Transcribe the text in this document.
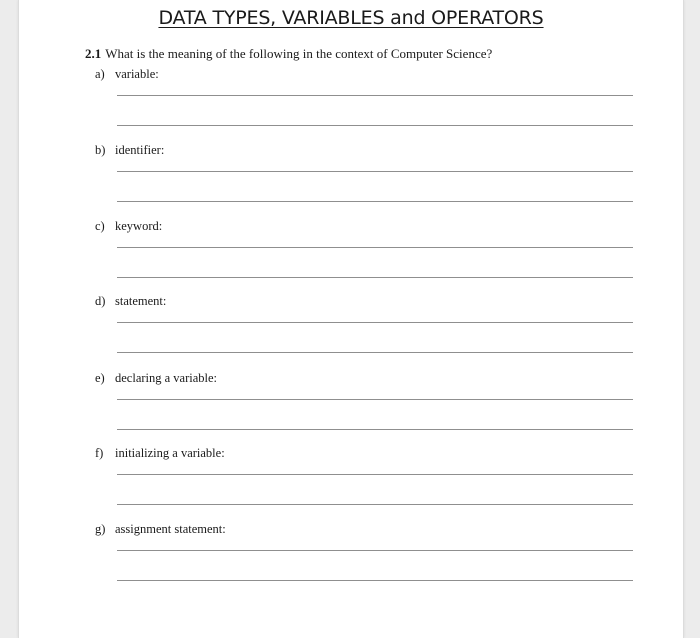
DATA TYPES, VARIABLES and OPERATORS
2.1 What is the meaning of the following in the context of Computer Science?
a) variable:
b) identifier:
c) keyword:
d) statement:
e) declaring a variable:
f) initializing a variable:
g) assignment statement:
